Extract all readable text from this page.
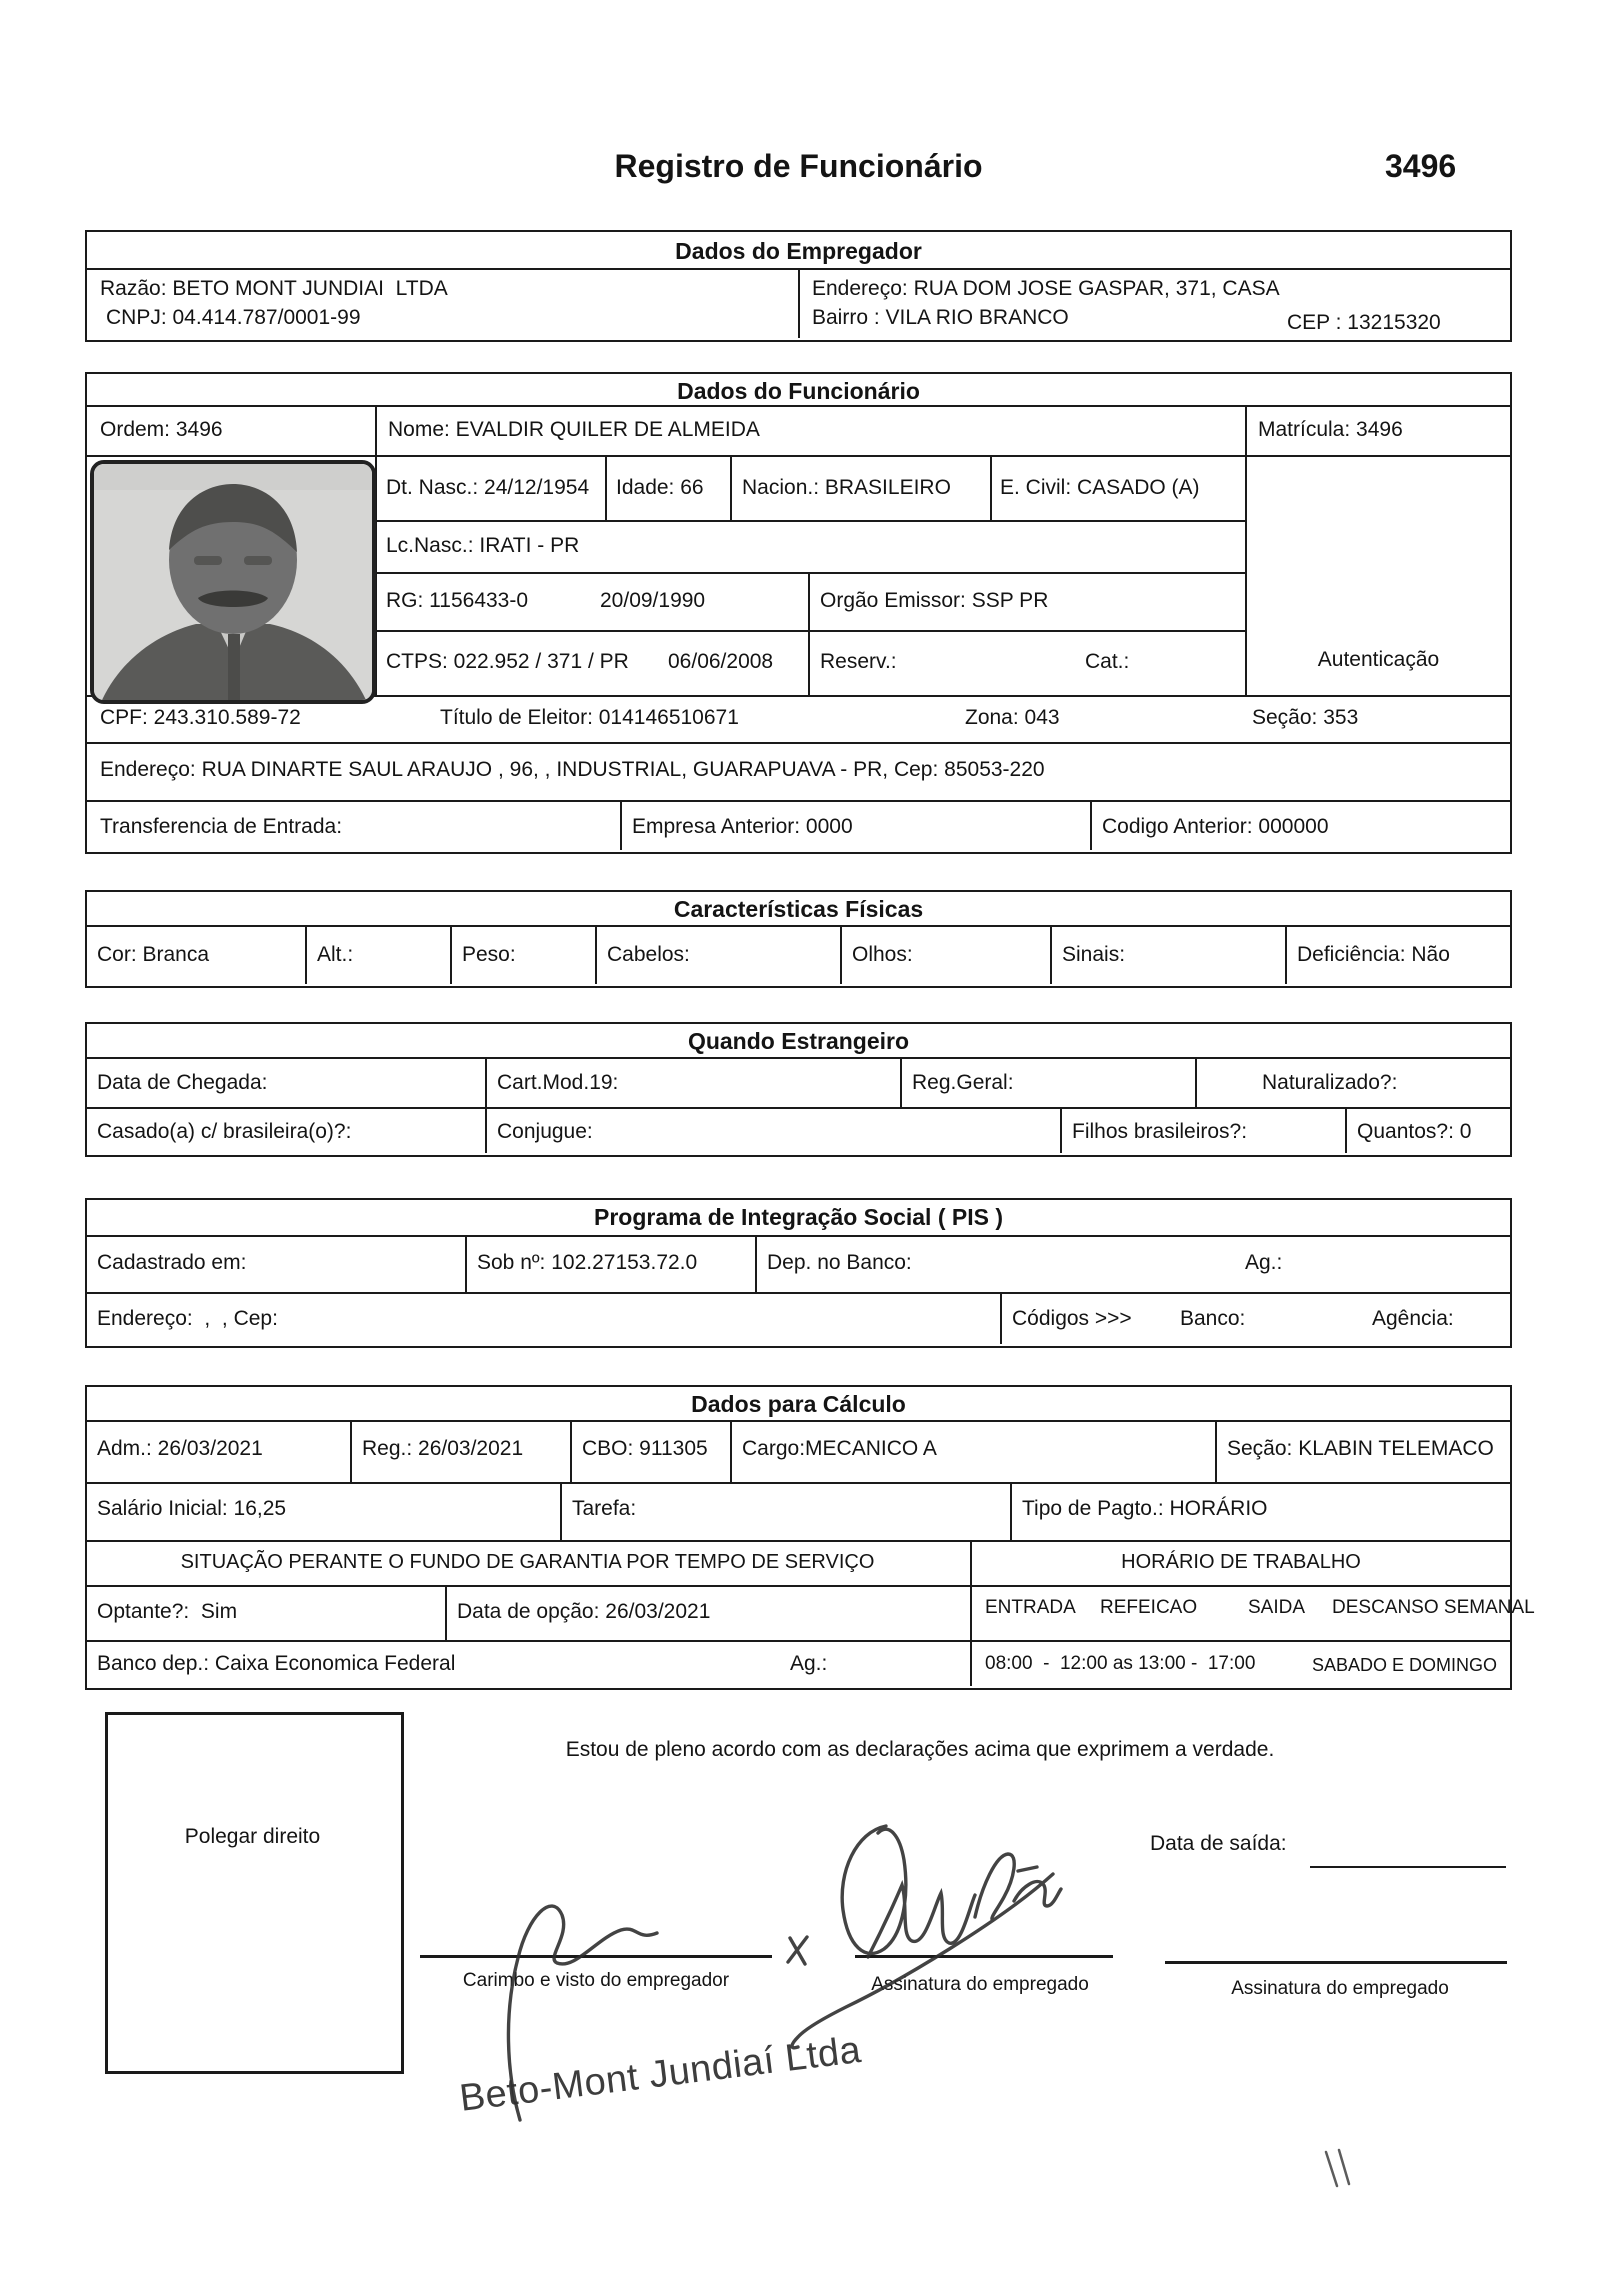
Registro de Funcionário	3496
Dados do Empregador
Razão: BETO MONT JUNDIAI  LTDA
CNPJ: 04.414.787/0001-99
Endereço: RUA DOM JOSE GASPAR, 371, CASA
Bairro : VILA RIO BRANCO	CEP : 13215320
Dados do Funcionário
Ordem: 3496	Nome: EVALDIR QUILER DE ALMEIDA	Matrícula: 3496
Dt. Nasc.: 24/12/1954 Idade: 66 Nacion.: BRASILEIRO E. Civil: CASADO (A)
Lc.Nasc.: IRATI - PR
RG: 1156433-0	20/09/1990	Orgão Emissor: SSP PR
CTPS: 022.952 / 371 / PR 06/06/2008 Reserv.:	Cat.:	Autenticação
CPF: 243.310.589-72	Título de Eleitor: 014146510671	Zona: 043	Seção: 353
Endereço: RUA DINARTE SAUL ARAUJO , 96, , INDUSTRIAL, GUARAPUAVA - PR, Cep: 85053-220
Transferencia de Entrada:	Empresa Anterior: 0000	Codigo Anterior: 000000
Características Físicas
Cor: Branca	Alt.:	Peso:	Cabelos:	Olhos:	Sinais:	Deficiência: Não
Quando Estrangeiro
Data de Chegada:	Cart.Mod.19:	Reg.Geral:	Naturalizado?:
Casado(a) c/ brasileira(o)?:	Conjugue:	Filhos brasileiros?:	Quantos?: 0
Programa de Integração Social ( PIS )
Cadastrado em:	Sob nº: 102.27153.72.0	Dep. no Banco:	Ag.:
Endereço:  ,  , Cep:	Códigos >>> Banco:	Agência:
Dados para Cálculo
Adm.: 26/03/2021	Reg.: 26/03/2021	CBO: 911305 Cargo:MECANICO A	Seção: KLABIN TELEMACO
Salário Inicial: 16,25	Tarefa:	Tipo de Pagto.: HORÁRIO
SITUAÇÃO PERANTE O FUNDO DE GARANTIA POR TEMPO DE SERVIÇO	HORÁRIO DE TRABALHO
Optante?:  Sim	Data de opção: 26/03/2021	ENTRADA REFEICAO	SAIDA DESCANSO SEMANAL
Banco dep.: Caixa Economica Federal	Ag.:	08:00  -  12:00 as 13:00 -  17:00	SABADO E DOMINGO
Polegar direito
Estou de pleno acordo com as declarações acima que exprimem a verdade.
Data de saída:
Carimbo e visto do empregador	Assinatura do empregado	Assinatura do empregado
Beto-Mont Jundiaí Ltda
